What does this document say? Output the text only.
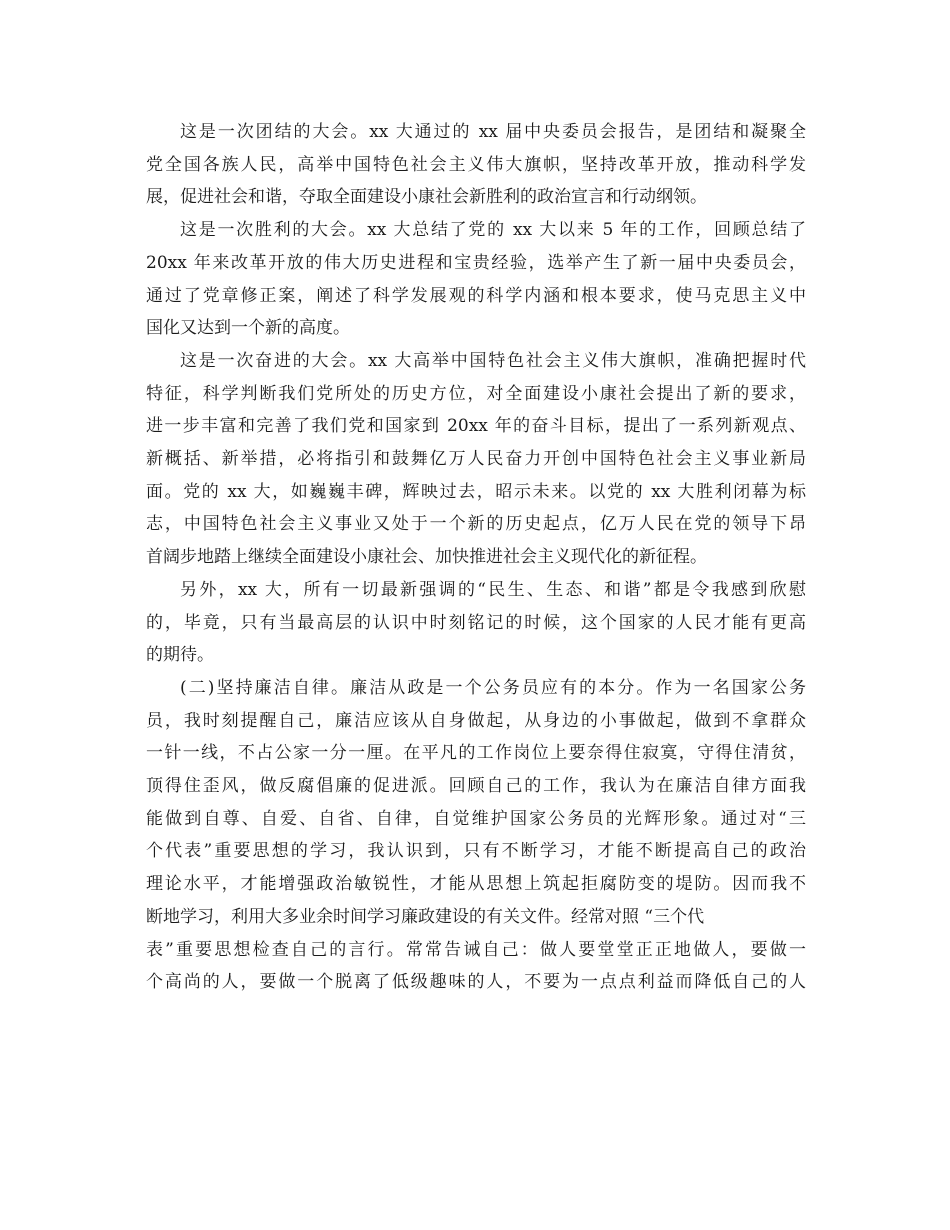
这是一次团结的大会。xx 大通过的 xx 届中央委员会报告，是团结和凝聚全
党全国各族人民，高举中国特色社会主义伟大旗帜，坚持改革开放，推动科学发
展，促进社会和谐，夺取全面建设小康社会新胜利的政治宣言和行动纲领。
这是一次胜利的大会。xx 大总结了党的 xx 大以来 5 年的工作，回顾总结了
20xx 年来改革开放的伟大历史进程和宝贵经验，选举产生了新一届中央委员会，
通过了党章修正案，阐述了科学发展观的科学内涵和根本要求，使马克思主义中
国化又达到一个新的高度。
这是一次奋进的大会。xx 大高举中国特色社会主义伟大旗帜，准确把握时代
特征，科学判断我们党所处的历史方位，对全面建设小康社会提出了新的要求，
进一步丰富和完善了我们党和国家到 20xx 年的奋斗目标，提出了一系列新观点、
新概括、新举措，必将指引和鼓舞亿万人民奋力开创中国特色社会主义事业新局
面。党的 xx 大，如巍巍丰碑，辉映过去，昭示未来。以党的 xx 大胜利闭幕为标
志，中国特色社会主义事业又处于一个新的历史起点，亿万人民在党的领导下昂
首阔步地踏上继续全面建设小康社会、加快推进社会主义现代化的新征程。
另外，xx 大，所有一切最新强调的“民生、生态、和谐”都是令我感到欣慰
的，毕竟，只有当最高层的认识中时刻铭记的时候，这个国家的人民才能有更高
的期待。
(二)坚持廉洁自律。廉洁从政是一个公务员应有的本分。作为一名国家公务
员，我时刻提醒自己，廉洁应该从自身做起，从身边的小事做起，做到不拿群众
一针一线，不占公家一分一厘。在平凡的工作岗位上要奈得住寂寞，守得住清贫，
顶得住歪风，做反腐倡廉的促进派。回顾自己的工作，我认为在廉洁自律方面我
能做到自尊、自爱、自省、自律，自觉维护国家公务员的光辉形象。通过对“三
个代表”重要思想的学习，我认识到，只有不断学习，才能不断提高自己的政治
理论水平，才能增强政治敏锐性，才能从思想上筑起拒腐防变的堤防。因而我不
断地学习，利用大多业余时间学习廉政建设的有关文件。经常对照 “三个代
表”重要思想检查自己的言行。常常告诫自己：做人要堂堂正正地做人，要做一
个高尚的人，要做一个脱离了低级趣味的人，不要为一点点利益而降低自己的人
